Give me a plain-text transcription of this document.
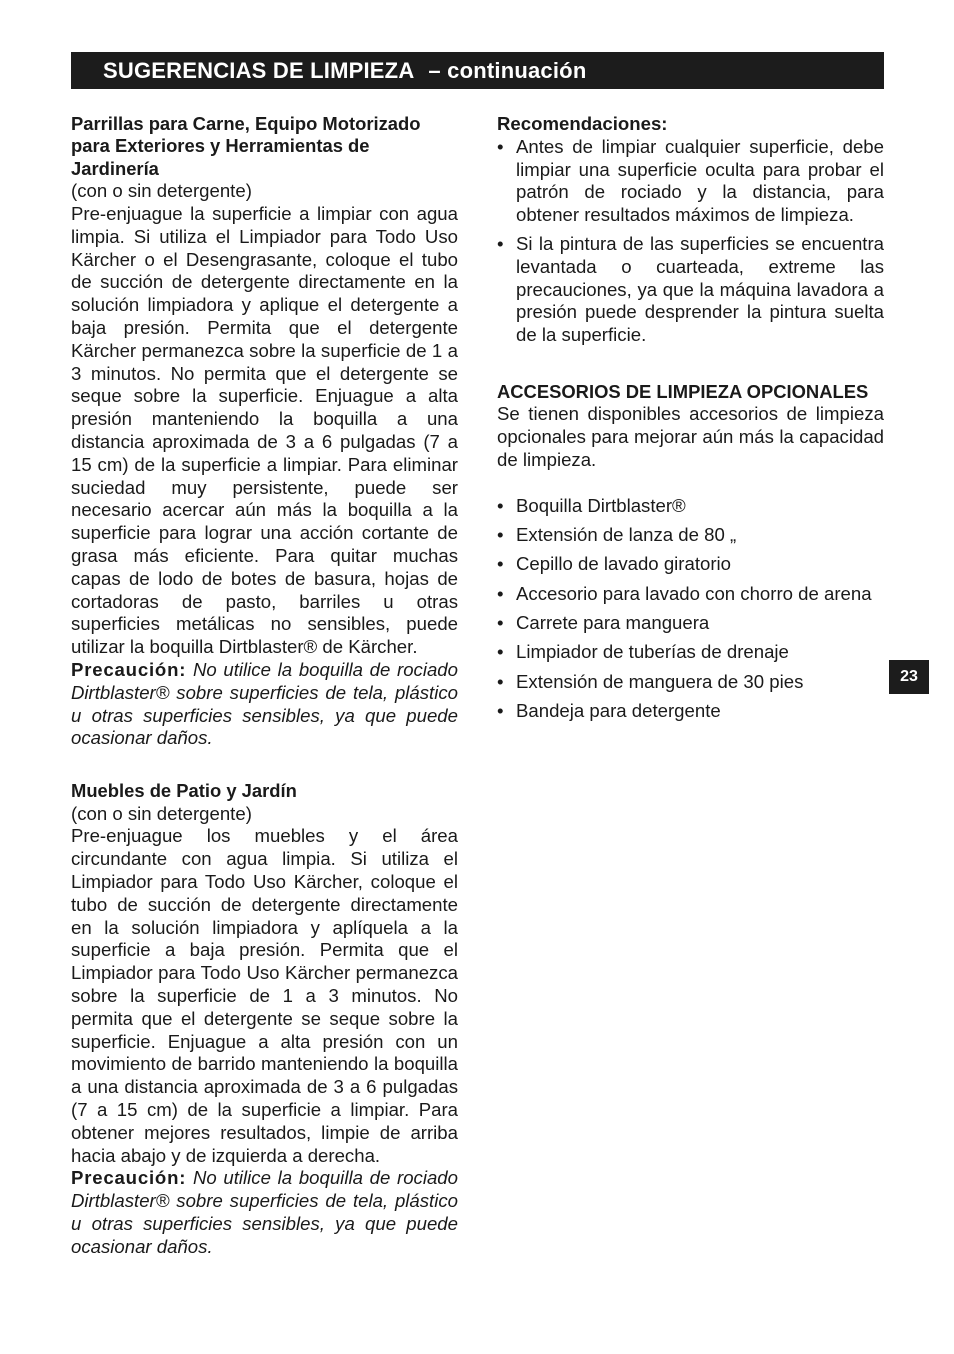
SUGERENCIAS DE LIMPIEZA – continuación

Parrillas para Carne, Equipo Motorizado para Exteriores y Herramientas de Jardinería

(con o sin detergente)

Pre-enjuague la superficie a limpiar con agua limpia. Si utiliza el Limpiador para Todo Uso Kärcher o el Desengrasante, coloque el tubo de succión de detergente directamente en la solución limpiadora y aplique el detergente a baja presión. Permita que el detergente Kärcher permanezca sobre la superficie de 1 a 3 minutos. No permita que el detergente se seque sobre la superficie. Enjuague a alta presión manteniendo la boquilla a una distancia aproximada de 3 a 6 pulgadas (7 a 15 cm) de la superficie a limpiar. Para eliminar suciedad muy persistente, puede ser necesario acercar aún más la boquilla a la superficie para lograr una acción cortante de grasa más eficiente. Para quitar muchas capas de lodo de botes de basura, hojas de cortadoras de pasto, barriles u otras superficies metálicas no sensibles, puede utilizar la boquilla Dirtblaster® de Kärcher.

Precaución: No utilice la boquilla de rociado Dirtblaster® sobre superficies de tela, plástico u otras superficies sensibles, ya que puede ocasionar daños.

Muebles de Patio y Jardín

(con o sin detergente)

Pre-enjuague los muebles y el área circundante con agua limpia. Si utiliza el Limpiador para Todo Uso Kärcher, coloque el tubo de succión de detergente directamente en la solución limpiadora y aplíquela a la superficie a baja presión. Permita que el Limpiador para Todo Uso Kärcher permanezca sobre la superficie de 1 a 3 minutos. No permita que el detergente se seque sobre la superficie. Enjuague a alta presión con un movimiento de barrido manteniendo la boquilla a una distancia aproximada de 3 a 6 pulgadas (7 a 15 cm) de la superficie a limpiar. Para obtener mejores resultados, limpie de arriba hacia abajo y de izquierda a derecha.

Precaución: No utilice la boquilla de rociado Dirtblaster® sobre superficies de tela, plástico u otras superficies sensibles, ya que puede ocasionar daños.

Recomendaciones:

• Antes de limpiar cualquier superficie, debe limpiar una superficie oculta para probar el patrón de rociado y la distancia, para obtener resultados máximos de limpieza.
• Si la pintura de las superficies se encuentra levantada o cuarteada, extreme las precauciones, ya que la máquina lavadora a presión puede desprender la pintura suelta de la superficie.

ACCESORIOS DE LIMPIEZA OPCIONALES

Se tienen disponibles accesorios de limpieza opcionales para mejorar aún más la capacidad de limpieza.

• Boquilla Dirtblaster®
• Extensión de lanza de 80 „
• Cepillo de lavado giratorio
• Accesorio para lavado con chorro de arena
• Carrete para manguera
• Limpiador de tuberías de drenaje
• Extensión de manguera de 30 pies
• Bandeja para detergente
23
